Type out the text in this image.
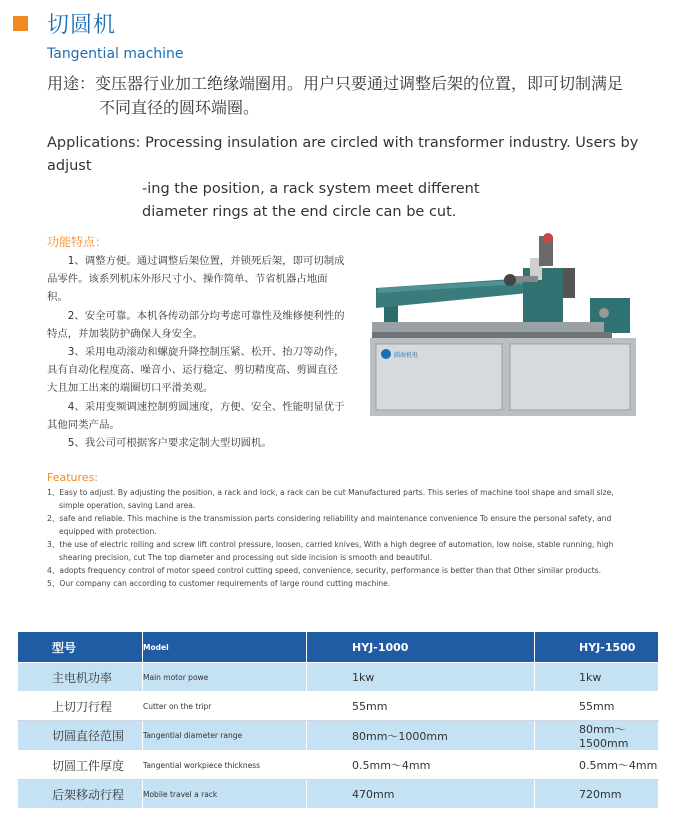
切圆机
Tangential machine
用途：变压器行业加工绝缘端圈用。用户只要通过调整后架的位置，即可切制满足
不同直径的圆环端圈。
Applications: Processing insulation are circled with transformer industry. Users by adjust
-ing the position, a rack system meet different
diameter rings at the end circle can be cut.
功能特点：

1、调整方便。通过调整后架位置，并锁死后架，即可切制成品零件。该系列机床外形尺寸小、操作简单、节省机器占地面积。

2、安全可靠。本机各传动部分均考虑可靠性及维修便利性的特点，并加装防护确保人身安全。

3、采用电动滚动和螺旋升降控制压紧、松开、抬刀等动作，具有自动化程度高、噪音小、运行稳定、剪切精度高、剪圆直径大且加工出来的端圈切口平滑美观。

4、采用变频调速控制剪圆速度，方便、安全、性能明显优于其他同类产品。

5、我公司可根据客户要求定制大型切圆机。

圆海机电
Features:

1、Easy to adjust. By adjusting the position, a rack and lock, a rack can be cut Manufactured parts. This series of machine tool shape and small size,

simple operation, saving Land area.

2、safe and reliable. This machine is the transmission parts considering reliability and maintenance convenience To ensure the personal safety, and

equipped with protection.

3、the use of electric rolling and screw lift control pressure, loosen, carried knives, With a high degree of automation, low noise, stable running, high

shearing precision, cut The top diameter and processing out side incision is smooth and beautiful.

4、adopts frequency control of motor speed control cutting speed, convenience, security, performance is better than that Other similar products.

5、Our company can according to customer requirements of large round cutting machine.

型号	Model	HYJ-1000	HYJ-1500
主电机功率	Main motor powe	1kw	1kw
上切刀行程	Cutter on the tripr	55mm	55mm
切圆直径范围	Tangential diameter range	80mm～1000mm	80mm～1500mm
切圆工件厚度	Tangential workpiece thickness	0.5mm～4mm	0.5mm～4mm
后架移动行程	Mobile travel a rack	470mm	720mm
